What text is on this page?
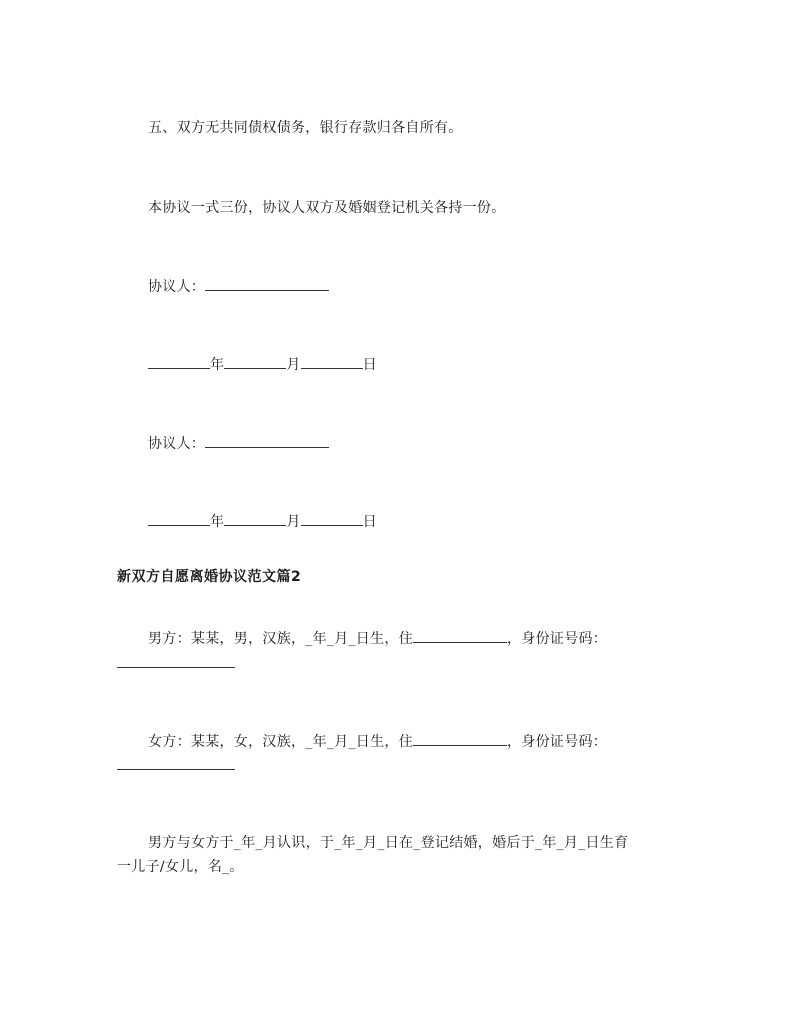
五、双方无共同债权债务，银行存款归各自所有。
本协议一式三份，协议人双方及婚姻登记机关各持一份。
协议人：
年	月	日
协议人：
年	月	日
新双方自愿离婚协议范文篇2
男方：某某，男，汉族，_年_月_日生，住	，身份证号码：
女方：某某，女，汉族，_年_月_日生，住	，身份证号码：
男方与女方于_年_月认识，于_年_月_日在_登记结婚，婚后于_年_月_日生育
一儿子/女儿，名_。
